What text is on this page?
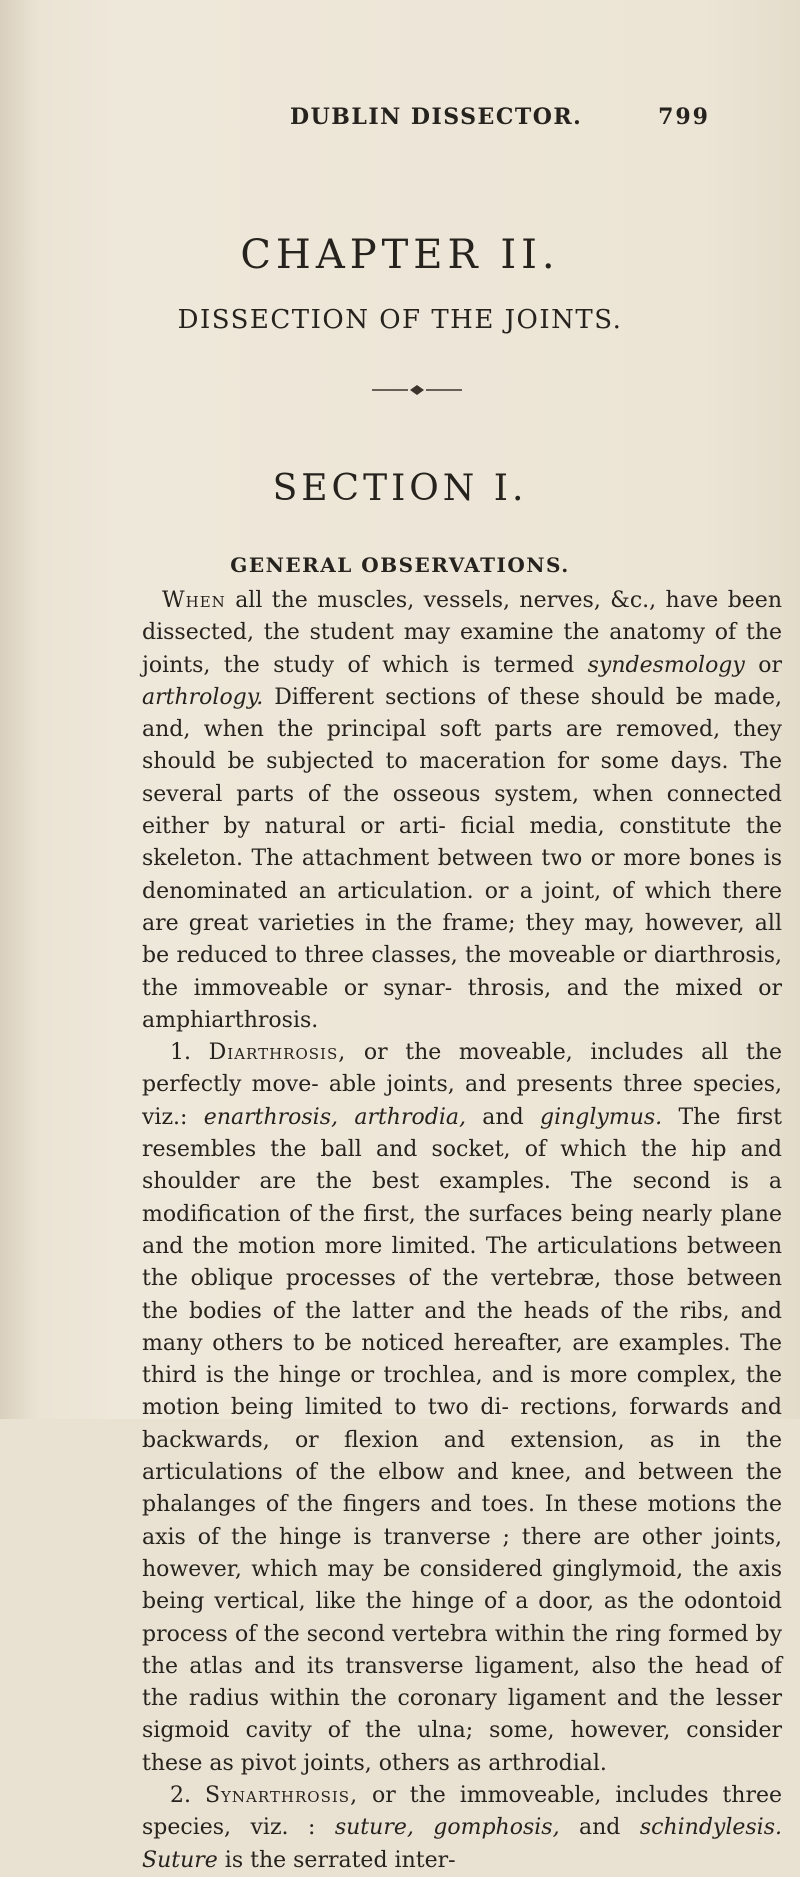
DUBLIN DISSECTOR.	799
CHAPTER II.
DISSECTION OF THE JOINTS.
SECTION I.
GENERAL OBSERVATIONS.

When all the muscles, vessels, nerves, &c., have been dissected, the student may examine the anatomy of the joints, the study of which is termed syndesmology or arthrology. Different sections of these should be made, and, when the principal soft parts are removed, they should be subjected to maceration for some days. The several parts of the osseous system, when connected either by natural or arti- ficial media, constitute the skeleton. The attachment between two or more bones is denominated an articulation. or a joint, of which there are great varieties in the frame; they may, however, all be reduced to three classes, the moveable or diarthrosis, the immoveable or synar- throsis, and the mixed or amphiarthrosis.

1. Diarthrosis, or the moveable, includes all the perfectly move- able joints, and presents three species, viz.: enarthrosis, arthrodia, and ginglymus. The first resembles the ball and socket, of which the hip and shoulder are the best examples. The second is a modification of the first, the surfaces being nearly plane and the motion more limited. The articulations between the oblique processes of the vertebræ, those between the bodies of the latter and the heads of the ribs, and many others to be noticed hereafter, are examples. The third is the hinge or trochlea, and is more complex, the motion being limited to two di- rections, forwards and backwards, or flexion and extension, as in the articulations of the elbow and knee, and between the phalanges of the fingers and toes. In these motions the axis of the hinge is tranverse ; there are other joints, however, which may be considered ginglymoid, the axis being vertical, like the hinge of a door, as the odontoid process of the second vertebra within the ring formed by the atlas and its transverse ligament, also the head of the radius within the coronary ligament and the lesser sigmoid cavity of the ulna; some, however, consider these as pivot joints, others as arthrodial.

2. Synarthrosis, or the immoveable, includes three species, viz. : suture, gomphosis, and schindylesis. Suture is the serrated inter-
